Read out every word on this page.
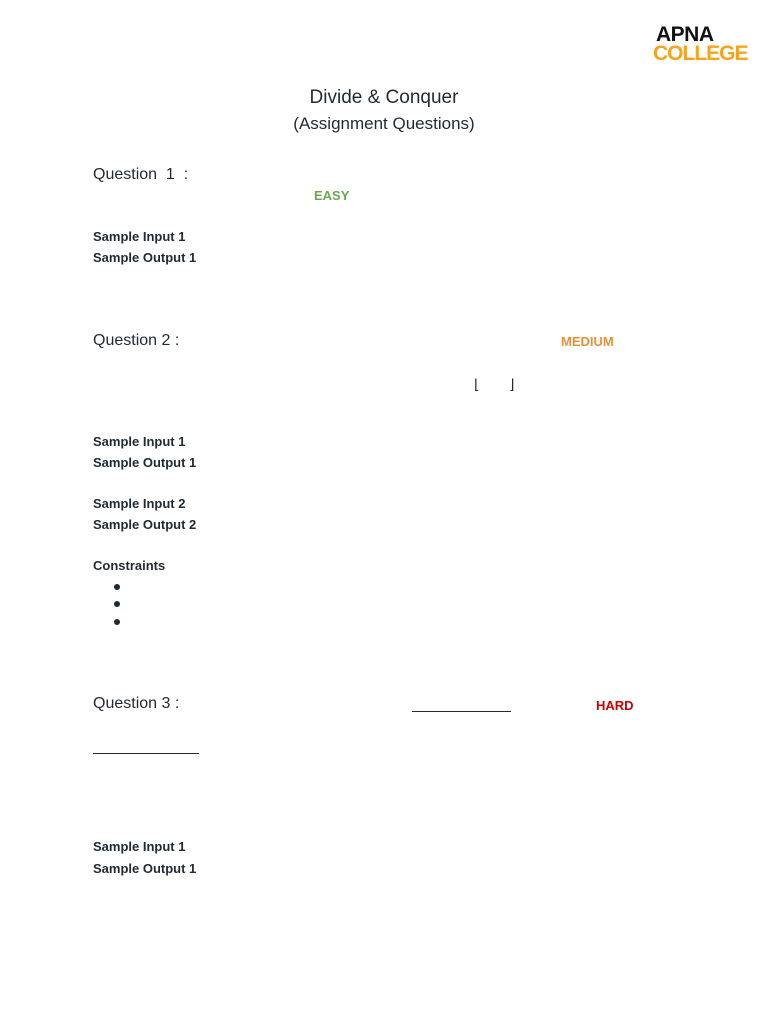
APNA
COLLEGE
Divide & Conquer
(Assignment Questions)
Question  1  :
EASY
Sample Input 1
Sample Output 1
Question 2 :	MEDIUM
⌊ ⌋
Sample Input 1
Sample Output 1
Sample Input 2
Sample Output 2
Constraints
Question 3 :	HARD
Sample Input 1
Sample Output 1
